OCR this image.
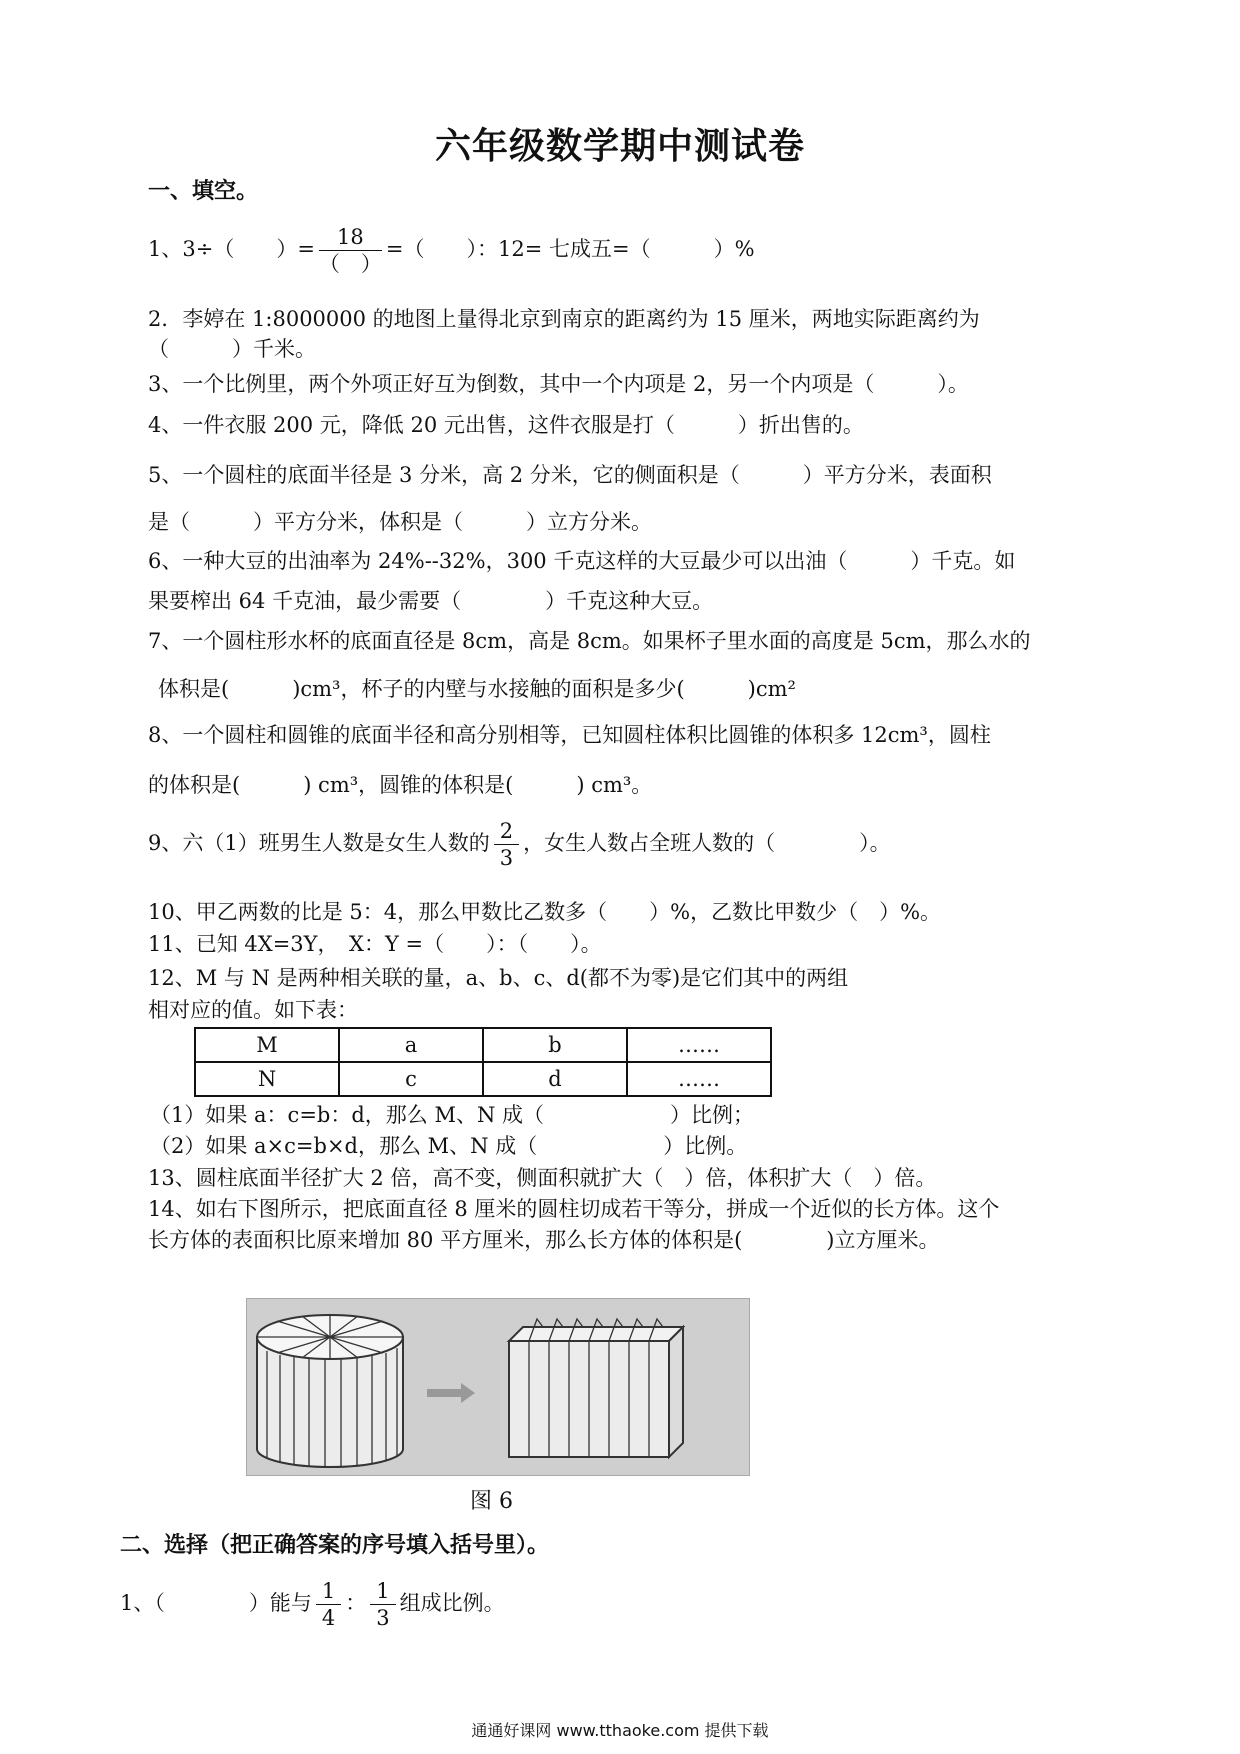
六年级数学期中测试卷
一、填空。
1、3÷（　　）= $\frac{18}{( )}$ =（　　）：12= 七成五=（　　　）%
2．李婷在 1:8000000 的地图上量得北京到南京的距离约为 15 厘米，两地实际距离约为
（　　　）千米。
3、一个比例里，两个外项正好互为倒数，其中一个内项是 2，另一个内项是（　　　）。
4、一件衣服 200 元，降低 20 元出售，这件衣服是打（　　　）折出售的。
5、一个圆柱的底面半径是 3 分米，高 2 分米，它的侧面积是（　　　）平方分米，表面积
是（　　　）平方分米，体积是（　　　）立方分米。
6、一种大豆的出油率为 24%--32%，300 千克这样的大豆最少可以出油（　　　）千克。如
果要榨出 64 千克油，最少需要（　　　　）千克这种大豆。
7、一个圆柱形水杯的底面直径是 8cm，高是 8cm。如果杯子里水面的高度是 5cm，那么水的
体积是(　　　)cm³，杯子的内壁与水接触的面积是多少(　　　)cm²
8、一个圆柱和圆锥的底面半径和高分别相等，已知圆柱体积比圆锥的体积多 12cm³，圆柱
的体积是(　　　) cm³，圆锥的体积是(　　　) cm³。
9、六（1）班男生人数是女生人数的 $\frac{2}{3}$ ，女生人数占全班人数的（　　　　）。
10、甲乙两数的比是 5：4，那么甲数比乙数多（　　）%，乙数比甲数少（　）%。
11、已知 4X=3Y，　X：Y =（　　）：（　　）。
12、M 与 N 是两种相关联的量，a、b、c、d(都不为零)是它们其中的两组
相对应的值。如下表：
M	a	b	……
N	c	d	……
（1）如果 a：c=b：d，那么 M、N 成（　　　　　　）比例；
（2）如果 a×c=b×d，那么 M、N 成（　　　　　　）比例。
13、圆柱底面半径扩大 2 倍，高不变，侧面积就扩大（　）倍，体积扩大（　）倍。
14、如右下图所示，把底面直径 8 厘米的圆柱切成若干等分，拼成一个近似的长方体。这个
长方体的表面积比原来增加 80 平方厘米，那么长方体的体积是(　　　　)立方厘米。
图 6
二、选择（把正确答案的序号填入括号里）。
1、（　　　　）能与 $\frac{1}{4}$ ： $\frac{1}{3}$ 组成比例。
通通好课网 www.tthaoke.com 提供下载
